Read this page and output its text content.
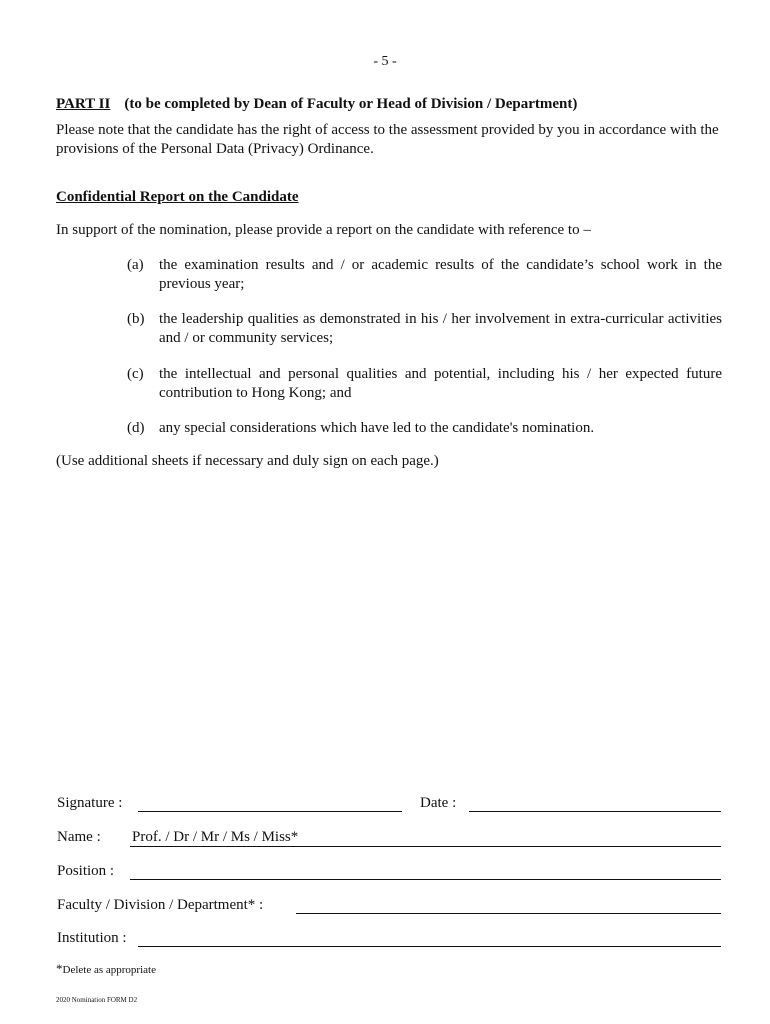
- 5 -
PART II (to be completed by Dean of Faculty or Head of Division / Department)
Please note that the candidate has the right of access to the assessment provided by you in accordance with the provisions of the Personal Data (Privacy) Ordinance.
Confidential Report on the Candidate
In support of the nomination, please provide a report on the candidate with reference to –
(a)	the examination results and / or academic results of the candidate’s school work in the previous year;
(b) the leadership qualities as demonstrated in his / her involvement in extra-curricular activities and / or community services;
(c)	the intellectual and personal qualities and potential, including his / her expected future contribution to Hong Kong; and
(d) any special considerations which have led to the candidate's nomination.
(Use additional sheets if necessary and duly sign on each page.)
Signature :	Date :
Name : Prof. / Dr / Mr / Ms / Miss*
Position :
Faculty / Division / Department* :
Institution :
*Delete as appropriate
2020 Nomination FORM D2
